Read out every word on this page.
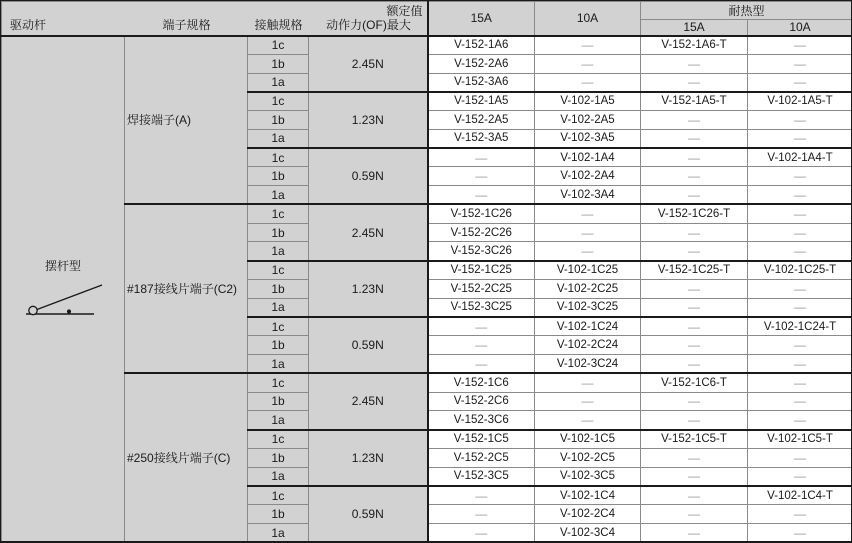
驱动杆 端子规格 接触规格 动作力(OF)最大
额定值				15A	10A	耐热型	
						15A	10A

摆杆型	焊接端子(A)	1c	2.45N	V-152-1A6	—	V-152-1A6-T	—
		1b		V-152-2A6	—	—	—
		1a		V-152-3A6	—	—	—
		1c	1.23N	V-152-1A5	V-102-1A5	V-152-1A5-T	V-102-1A5-T
		1b		V-152-2A5	V-102-2A5	—	—
		1a		V-152-3A5	V-102-3A5	—	—
		1c	0.59N	—	V-102-1A4	—	V-102-1A4-T
		1b		—	V-102-2A4	—	—
		1a		—	V-102-3A4	—	—
	#187接线片端子(C2)	1c	2.45N	V-152-1C26	—	V-152-1C26-T	—
		1b		V-152-2C26	—	—	—
		1a		V-152-3C26	—	—	—
		1c	1.23N	V-152-1C25	V-102-1C25	V-152-1C25-T	V-102-1C25-T
		1b		V-152-2C25	V-102-2C25	—	—
		1a		V-152-3C25	V-102-3C25	—	—
		1c	0.59N	—	V-102-1C24	—	V-102-1C24-T
		1b		—	V-102-2C24	—	—
		1a		—	V-102-3C24	—	—
	#250接线片端子(C)	1c	2.45N	V-152-1C6	—	V-152-1C6-T	—
		1b		V-152-2C6	—	—	—
		1a		V-152-3C6	—	—	—
		1c	1.23N	V-152-1C5	V-102-1C5	V-152-1C5-T	V-102-1C5-T
		1b		V-152-2C5	V-102-2C5	—	—
		1a		V-152-3C5	V-102-3C5	—	—
		1c	0.59N	—	V-102-1C4	—	V-102-1C4-T
		1b		—	V-102-2C4	—	—
		1a		—	V-102-3C4	—	—
